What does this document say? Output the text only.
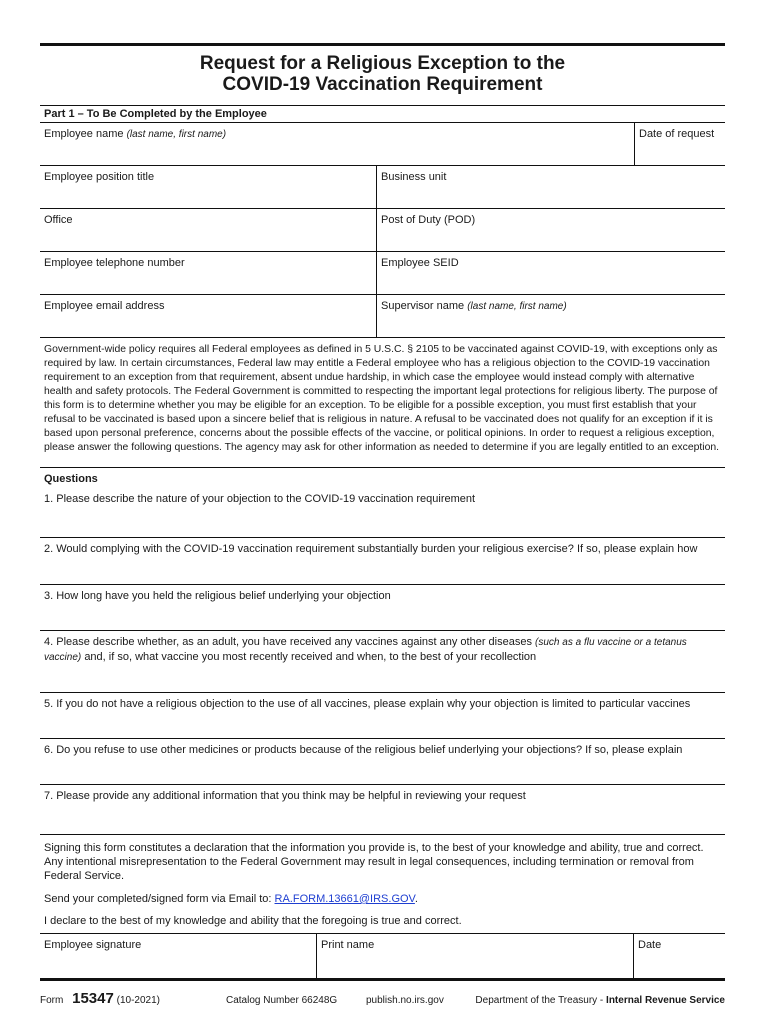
Request for a Religious Exception to the
COVID-19 Vaccination Requirement
Part 1 – To Be Completed by the Employee
Employee name (last name, first name)	Date of request
Employee position title	Business unit
Office	Post of Duty (POD)
Employee telephone number	Employee SEID
Employee email address	Supervisor name (last name, first name)
Government-wide policy requires all Federal employees as defined in 5 U.S.C. § 2105 to be vaccinated against COVID-19, with exceptions only as required by law. In certain circumstances, Federal law may entitle a Federal employee who has a religious objection to the COVID-19 vaccination requirement to an exception from that requirement, absent undue hardship, in which case the employee would instead comply with alternative health and safety protocols. The Federal Government is committed to respecting the important legal protections for religious liberty. The purpose of this form is to determine whether you may be eligible for an exception. To be eligible for a possible exception, you must first establish that your refusal to be vaccinated is based upon a sincere belief that is religious in nature. A refusal to be vaccinated does not qualify for an exception if it is based upon personal preference, concerns about the possible effects of the vaccine, or political opinions. In order to request a religious exception, please answer the following questions. The agency may ask for other information as needed to determine if you are legally entitled to an exception.
Questions
1. Please describe the nature of your objection to the COVID-19 vaccination requirement
2. Would complying with the COVID-19 vaccination requirement substantially burden your religious exercise? If so, please explain how
3. How long have you held the religious belief underlying your objection
4. Please describe whether, as an adult, you have received any vaccines against any other diseases (such as a flu vaccine or a tetanus vaccine) and, if so, what vaccine you most recently received and when, to the best of your recollection
5. If you do not have a religious objection to the use of all vaccines, please explain why your objection is limited to particular vaccines
6. Do you refuse to use other medicines or products because of the religious belief underlying your objections? If so, please explain
7. Please provide any additional information that you think may be helpful in reviewing your request
Signing this form constitutes a declaration that the information you provide is, to the best of your knowledge and ability, true and correct. Any intentional misrepresentation to the Federal Government may result in legal consequences, including termination or removal from Federal Service.
Send your completed/signed form via Email to: RA.FORM.13661@IRS.GOV.
I declare to the best of my knowledge and ability that the foregoing is true and correct.
Employee signature	Print name	Date
Form 15347 (10-2021)	Catalog Number 66248G	publish.no.irs.gov	Department of the Treasury - Internal Revenue Service
